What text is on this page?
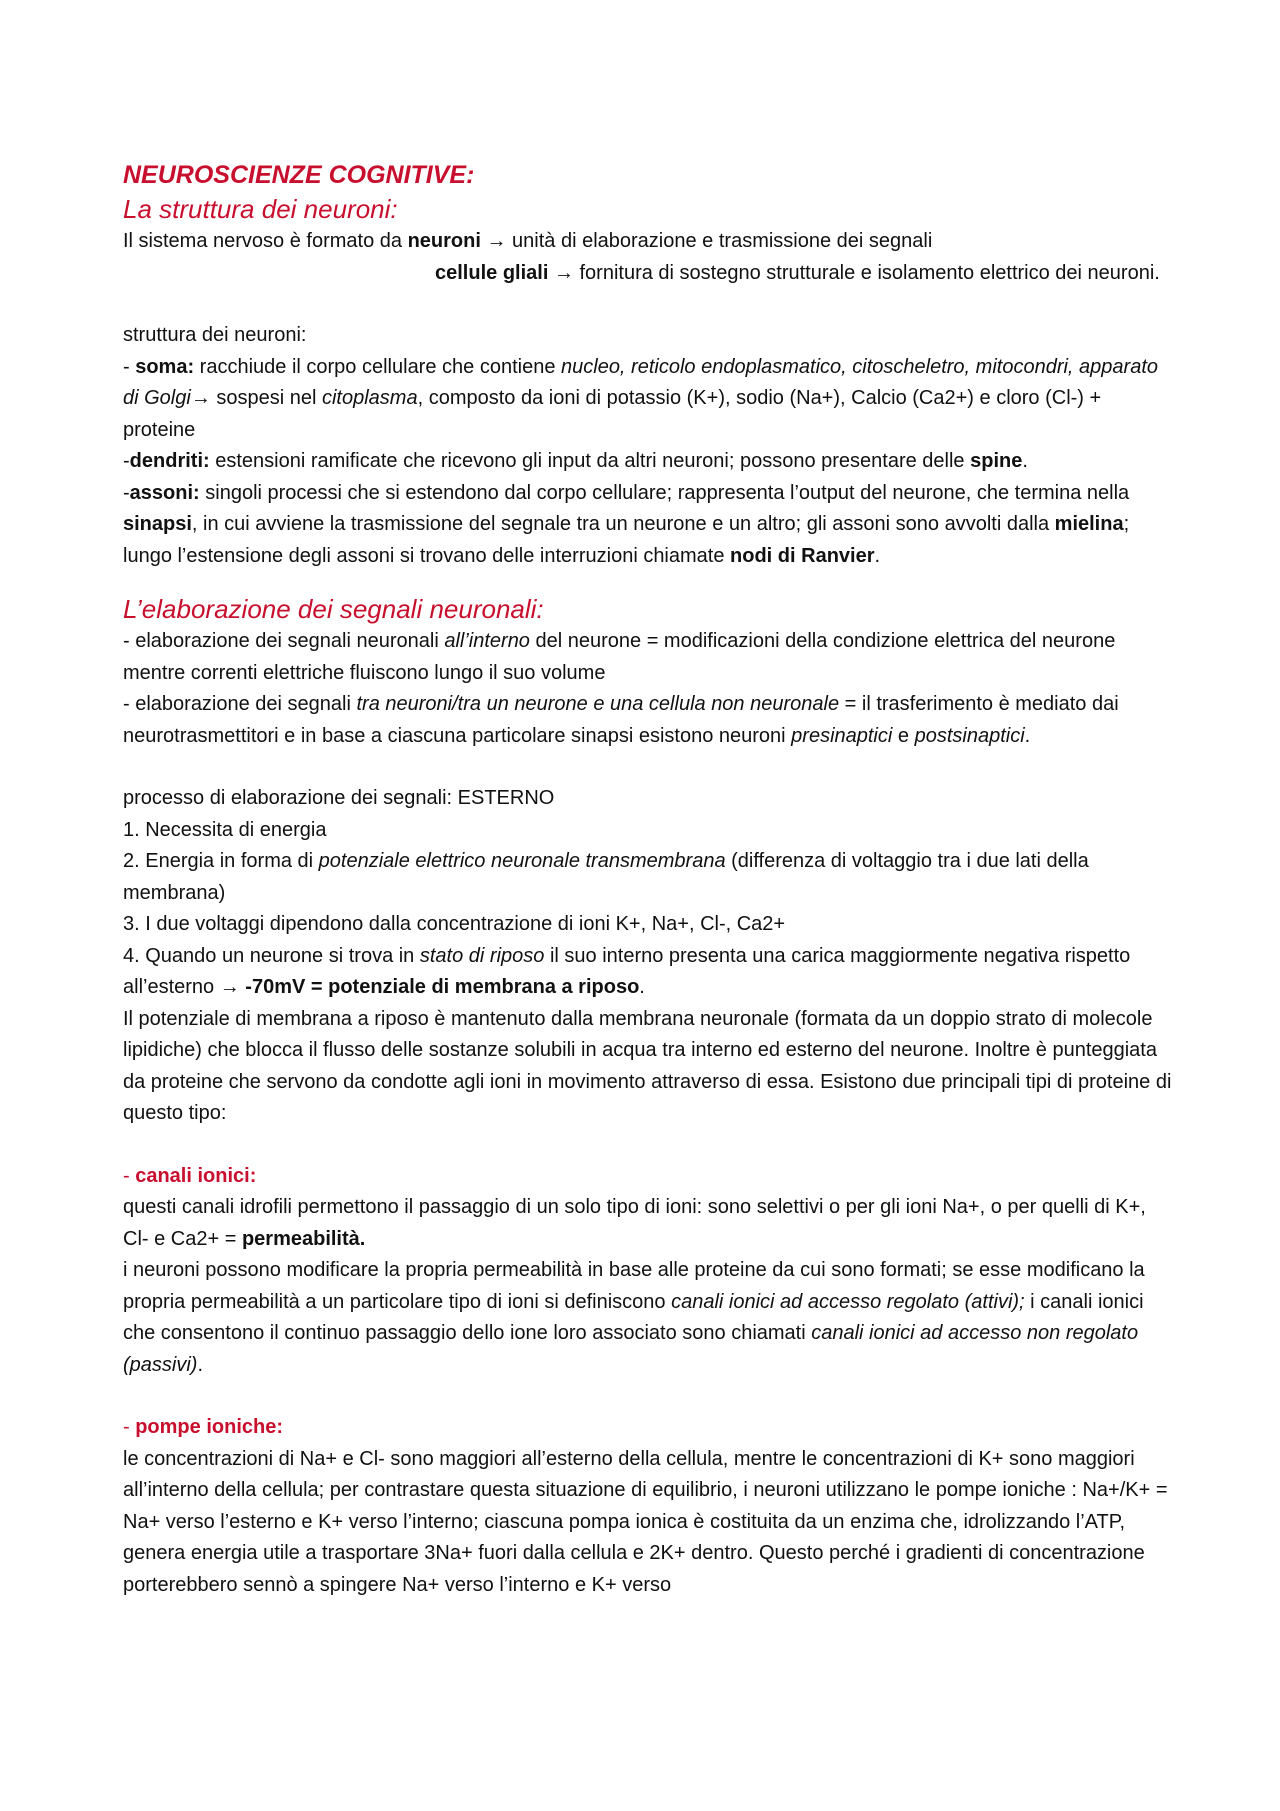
NEUROSCIENZE COGNITIVE:

La struttura dei neuroni:

Il sistema nervoso è formato da neuroni → unità di elaborazione e trasmissione dei segnali

cellule gliali → fornitura di sostegno strutturale e isolamento elettrico dei neuroni.

struttura dei neuroni:

- soma: racchiude il corpo cellulare che contiene nucleo, reticolo endoplasmatico, citoscheletro, mitocondri, apparato di Golgi→ sospesi nel citoplasma, composto da ioni di potassio (K+), sodio (Na+), Calcio (Ca2+) e cloro (Cl-) + proteine

-dendriti: estensioni ramificate che ricevono gli input da altri neuroni; possono presentare delle spine.

-assoni: singoli processi che si estendono dal corpo cellulare; rappresenta l’output del neurone, che termina nella sinapsi, in cui avviene la trasmissione del segnale tra un neurone e un altro; gli assoni sono avvolti dalla mielina; lungo l’estensione degli assoni si trovano delle interruzioni chiamate nodi di Ranvier.

L’elaborazione dei segnali neuronali:

- elaborazione dei segnali neuronali all’interno del neurone = modificazioni della condizione elettrica del neurone mentre correnti elettriche fluiscono lungo il suo volume

- elaborazione dei segnali tra neuroni/tra un neurone e una cellula non neuronale = il trasferimento è mediato dai neurotrasmettitori e in base a ciascuna particolare sinapsi esistono neuroni presinaptici e postsinaptici.

processo di elaborazione dei segnali: ESTERNO

1. Necessita di energia

2. Energia in forma di potenziale elettrico neuronale transmembrana (differenza di voltaggio tra i due lati della membrana)

3. I due voltaggi dipendono dalla concentrazione di ioni K+, Na+, Cl-, Ca2+

4. Quando un neurone si trova in stato di riposo il suo interno presenta una carica maggiormente negativa rispetto all’esterno → -70mV = potenziale di membrana a riposo.

Il potenziale di membrana a riposo è mantenuto dalla membrana neuronale (formata da un doppio strato di molecole lipidiche) che blocca il flusso delle sostanze solubili in acqua tra interno ed esterno del neurone. Inoltre è punteggiata da proteine che servono da condotte agli ioni in movimento attraverso di essa. Esistono due principali tipi di proteine di questo tipo:

- canali ionici:

questi canali idrofili permettono il passaggio di un solo tipo di ioni: sono selettivi o per gli ioni Na+, o per quelli di K+, Cl- e Ca2+ = permeabilità.

i neuroni possono modificare la propria permeabilità in base alle proteine da cui sono formati; se esse modificano la propria permeabilità a un particolare tipo di ioni si definiscono canali ionici ad accesso regolato (attivi); i canali ionici che consentono il continuo passaggio dello ione loro associato sono chiamati canali ionici ad accesso non regolato (passivi).

- pompe ioniche:

le concentrazioni di Na+ e Cl- sono maggiori all’esterno della cellula, mentre le concentrazioni di K+ sono maggiori all’interno della cellula; per contrastare questa situazione di equilibrio, i neuroni utilizzano le pompe ioniche : Na+/K+ = Na+ verso l’esterno e K+ verso l’interno; ciascuna pompa ionica è costituita da un enzima che, idrolizzando l’ATP, genera energia utile a trasportare 3Na+ fuori dalla cellula e 2K+ dentro. Questo perché i gradienti di concentrazione porterebbero sennò a spingere Na+ verso l’interno e K+ verso
